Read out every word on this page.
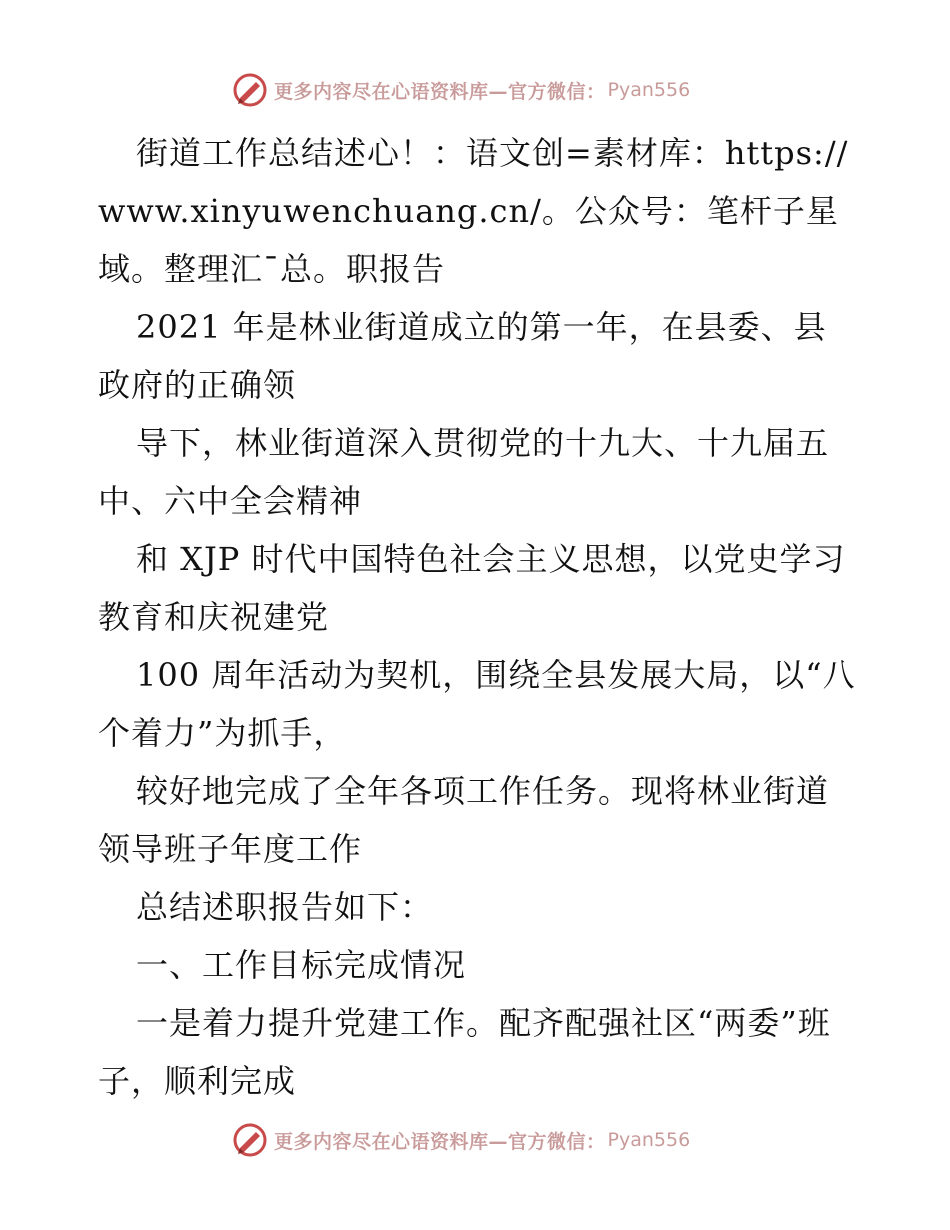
更多内容尽在心语资料库—官方微信： Pyan556

街道工作总结述心！：语文创=素材库：https://www.xinyuwenchuang.cn/。公众号：笔杆子星域。整理汇¯总。职报告

2021 年是林业街道成立的第一年，在县委、县政府的正确领

导下，林业街道深入贯彻党的十九大、十九届五中、六中全会精神

和 XJP 时代中国特色社会主义思想，以党史学习教育和庆祝建党

100 周年活动为契机，围绕全县发展大局，以“八个着力”为抓手，

较好地完成了全年各项工作任务。现将林业街道领导班子年度工作

总结述职报告如下：

一、工作目标完成情况

一是着力提升党建工作。配齐配强社区“两委”班子，顺利完成

更多内容尽在心语资料库—官方微信： Pyan556
